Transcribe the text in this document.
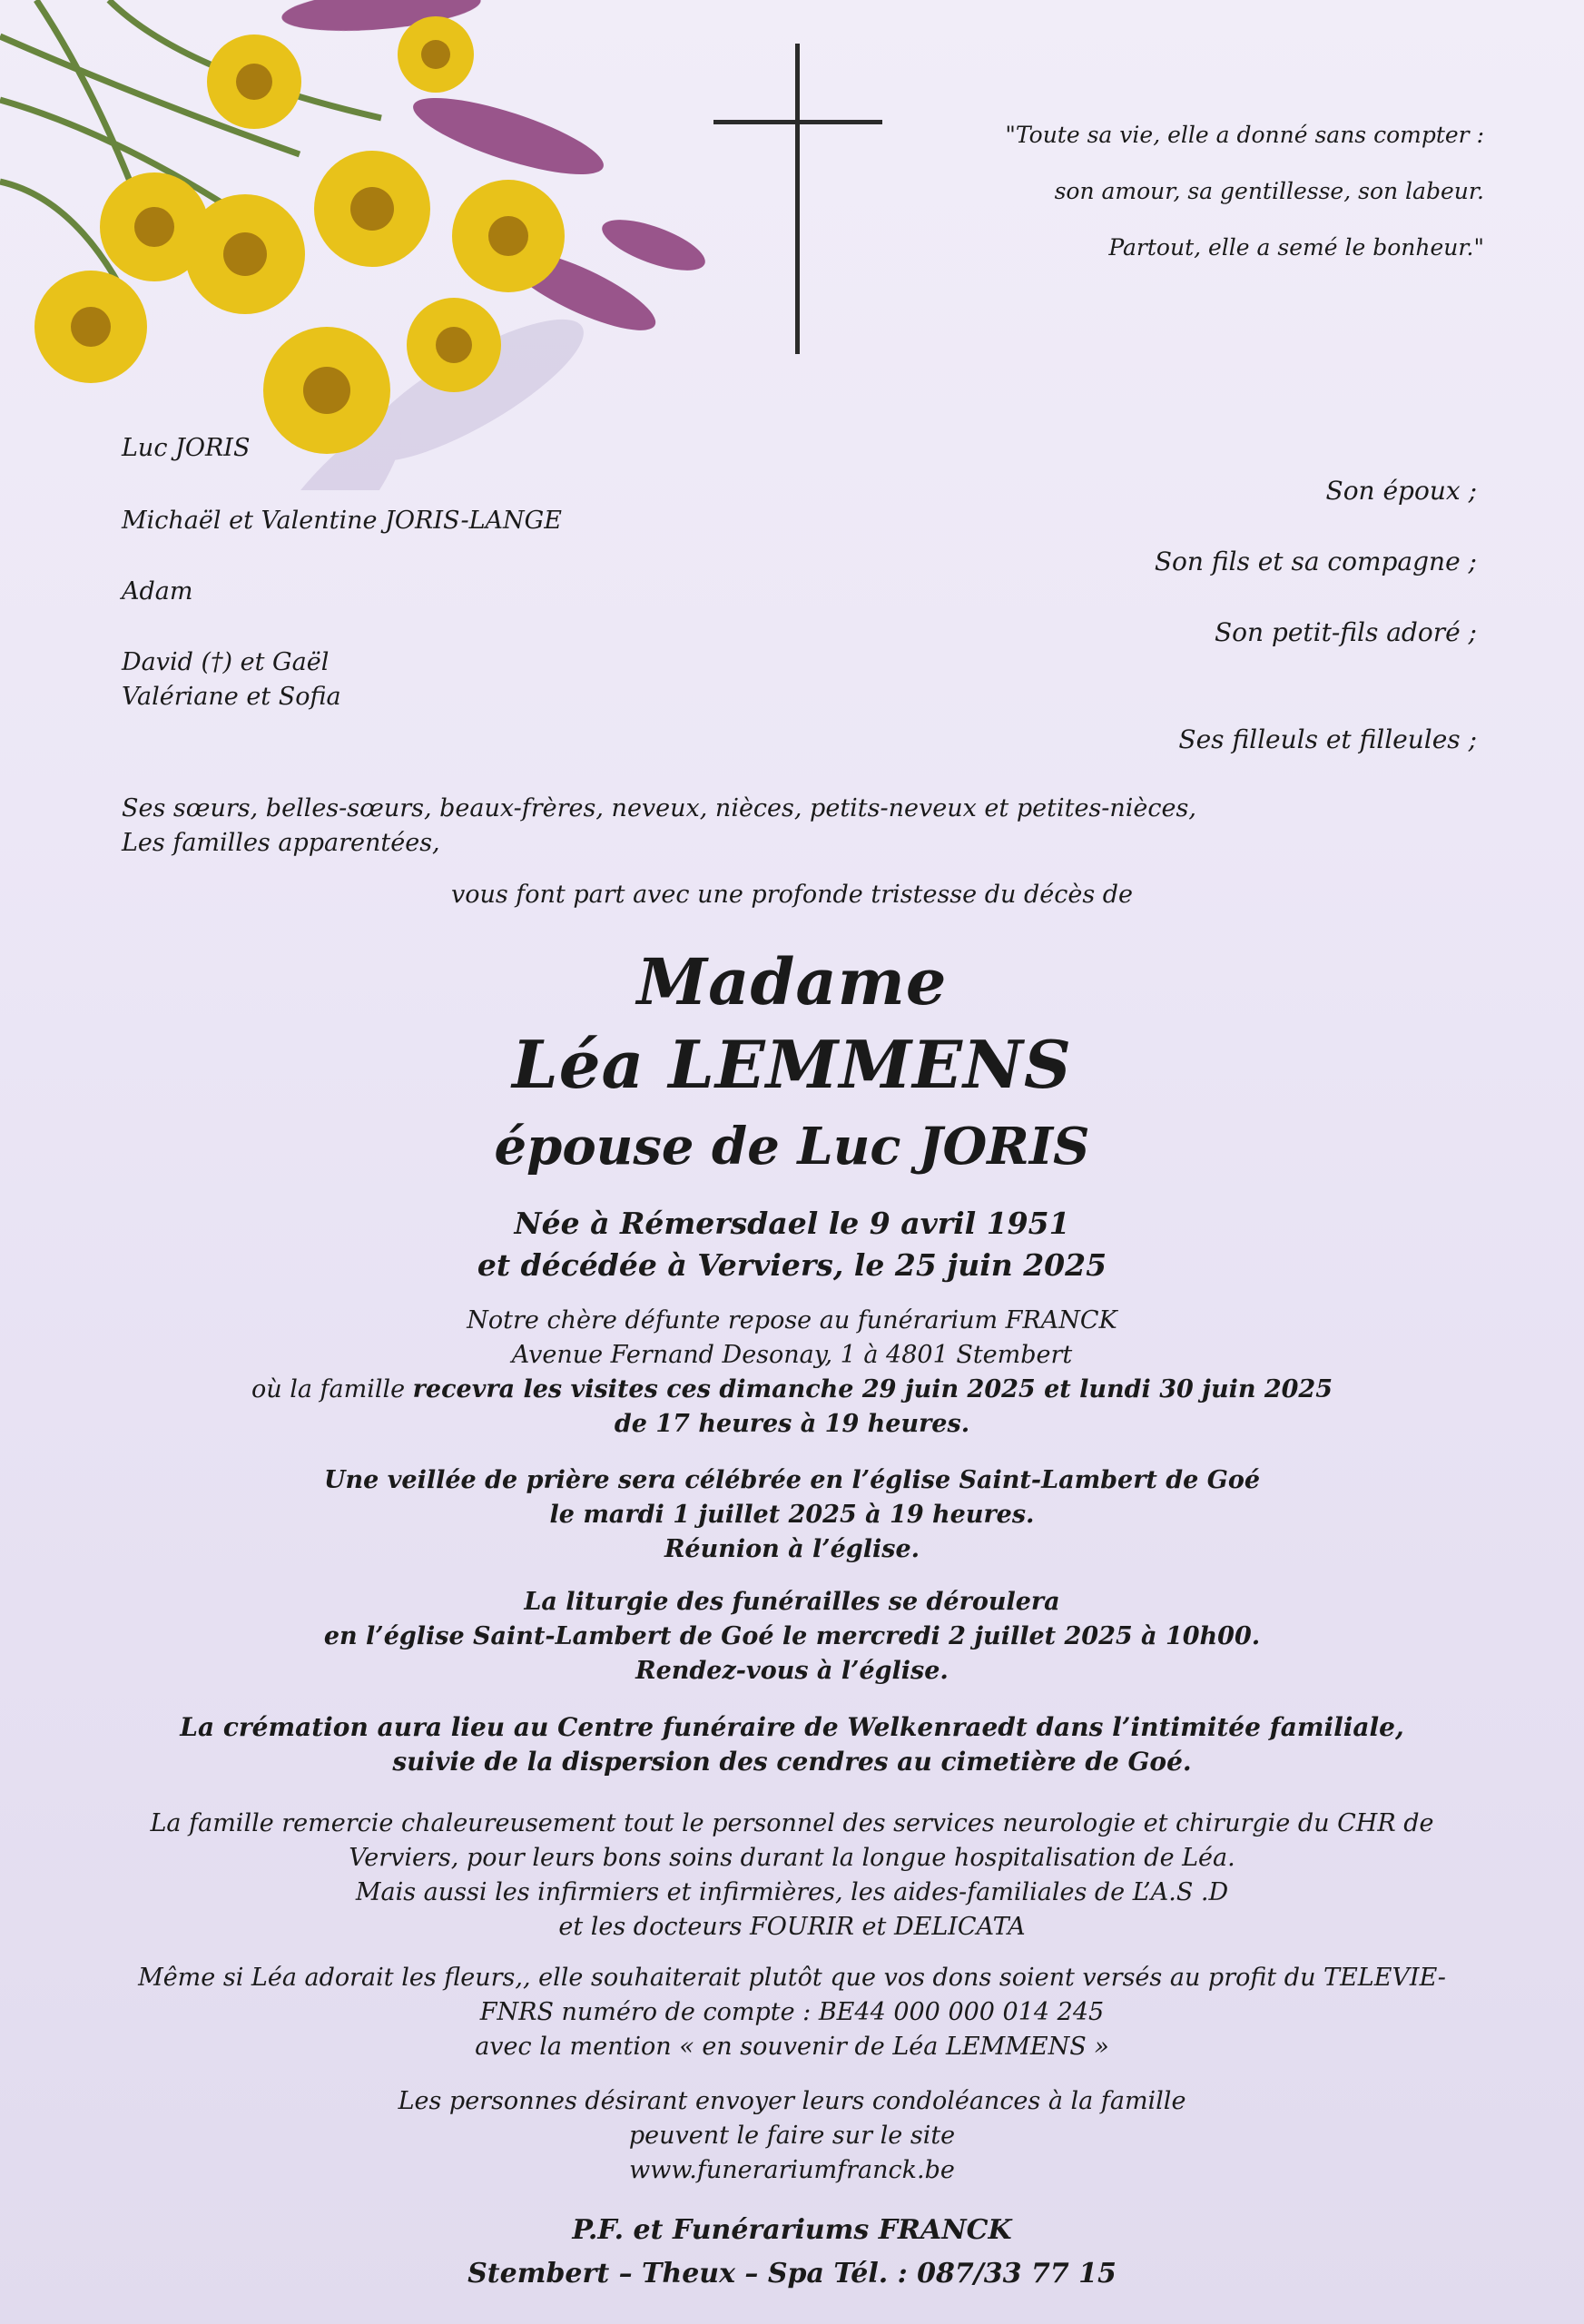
"Toute sa vie, elle a donné sans compter :
son amour, sa gentillesse, son labeur.
Partout, elle a semé le bonheur."
Luc JORIS
Son époux ;
Michaël et Valentine JORIS-LANGE
Son fils et sa compagne ;
Adam
Son petit-fils adoré ;
David (†) et Gaël
Valériane et Sofia
Ses filleuls et filleules ;
Ses sœurs, belles-sœurs, beaux-frères, neveux, nièces, petits-neveux et petites-nièces,
Les familles apparentées,
vous font part avec une profonde tristesse du décès de
Madame
Léa LEMMENS
épouse de Luc JORIS
Née à Rémersdael le 9 avril 1951
et décédée à Verviers, le 25 juin 2025
Notre chère défunte repose au funérarium FRANCK
Avenue Fernand Desonay, 1 à 4801 Stembert
où la famille recevra les visites ces dimanche 29 juin 2025 et lundi 30 juin 2025
de 17 heures à 19 heures.
Une veillée de prière sera célébrée en l’église Saint-Lambert de Goé
le mardi 1 juillet 2025 à 19 heures.
Réunion à l’église.
La liturgie des funérailles se déroulera
en l’église Saint-Lambert de Goé le mercredi 2 juillet 2025 à 10h00.
Rendez-vous à l’église.
La crémation aura lieu au Centre funéraire de Welkenraedt dans l’intimitée familiale,
suivie de la dispersion des cendres au cimetière de Goé.
La famille remercie chaleureusement tout le personnel des services neurologie et chirurgie du CHR de
Verviers, pour leurs bons soins durant la longue hospitalisation de Léa.
Mais aussi les infirmiers et infirmières, les aides-familiales de L’A.S .D
et les docteurs FOURIR et DELICATA
Même si Léa adorait les fleurs,, elle souhaiterait plutôt que vos dons soient versés au profit du TELEVIE-
FNRS numéro de compte : BE44 000 000 014 245
avec la mention « en souvenir de Léa LEMMENS »
Les personnes désirant envoyer leurs condoléances à la famille
peuvent le faire sur le site
www.funerariumfranck.be
P.F. et Funérariums FRANCK
Stembert – Theux – Spa Tél. : 087/33 77 15
